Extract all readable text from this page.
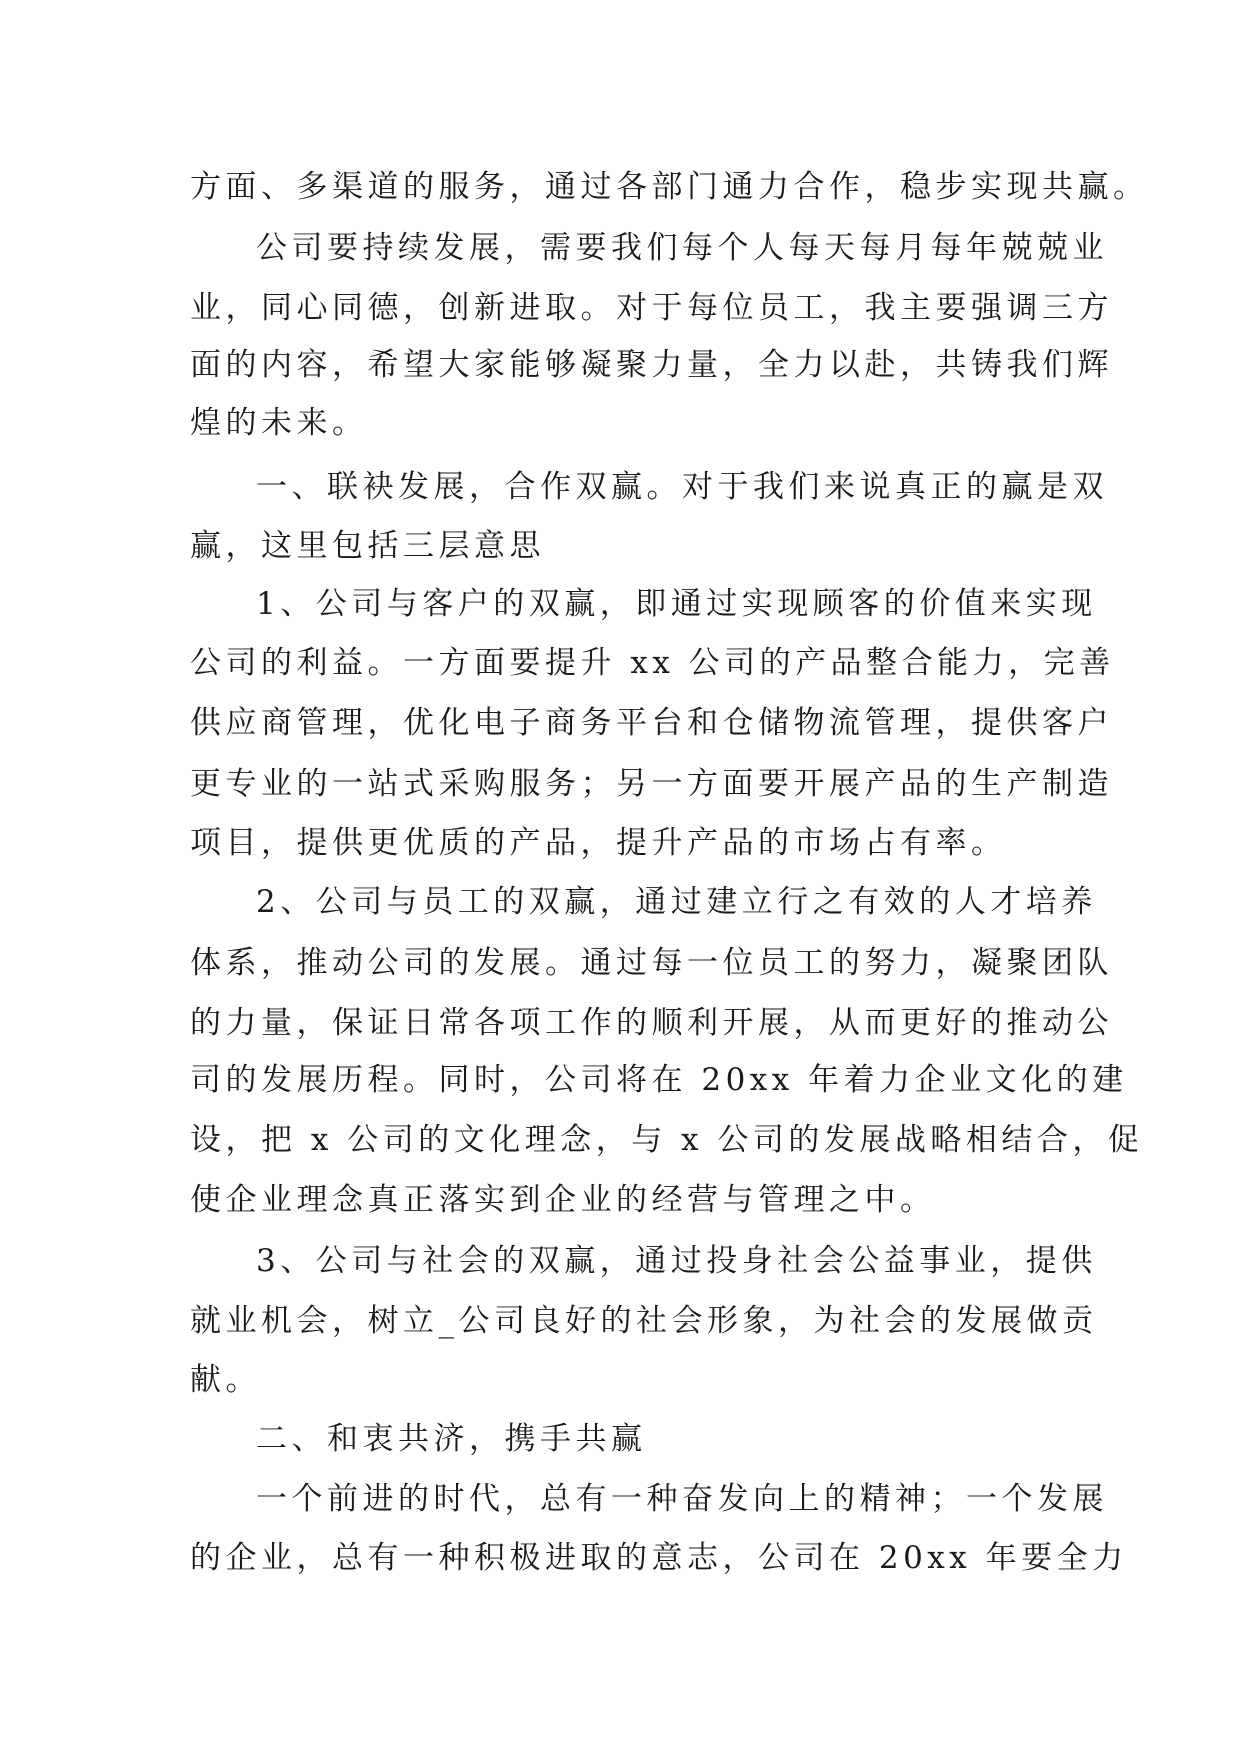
方面、多渠道的服务，通过各部门通力合作，稳步实现共赢。
公司要持续发展，需要我们每个人每天每月每年兢兢业
业，同心同德，创新进取。对于每位员工，我主要强调三方
面的内容，希望大家能够凝聚力量，全力以赴，共铸我们辉
煌的未来。
一、联袂发展，合作双赢。对于我们来说真正的赢是双
赢，这里包括三层意思
1、公司与客户的双赢，即通过实现顾客的价值来实现
公司的利益。一方面要提升 xx 公司的产品整合能力，完善
供应商管理，优化电子商务平台和仓储物流管理，提供客户
更专业的一站式采购服务；另一方面要开展产品的生产制造
项目，提供更优质的产品，提升产品的市场占有率。
2、公司与员工的双赢，通过建立行之有效的人才培养
体系，推动公司的发展。通过每一位员工的努力，凝聚团队
的力量，保证日常各项工作的顺利开展，从而更好的推动公
司的发展历程。同时，公司将在 20xx 年着力企业文化的建
设，把 x 公司的文化理念，与 x 公司的发展战略相结合，促
使企业理念真正落实到企业的经营与管理之中。
3、公司与社会的双赢，通过投身社会公益事业，提供
就业机会，树立_公司良好的社会形象，为社会的发展做贡
献。
二、和衷共济，携手共赢
一个前进的时代，总有一种奋发向上的精神；一个发展
的企业，总有一种积极进取的意志，公司在 20xx 年要全力
